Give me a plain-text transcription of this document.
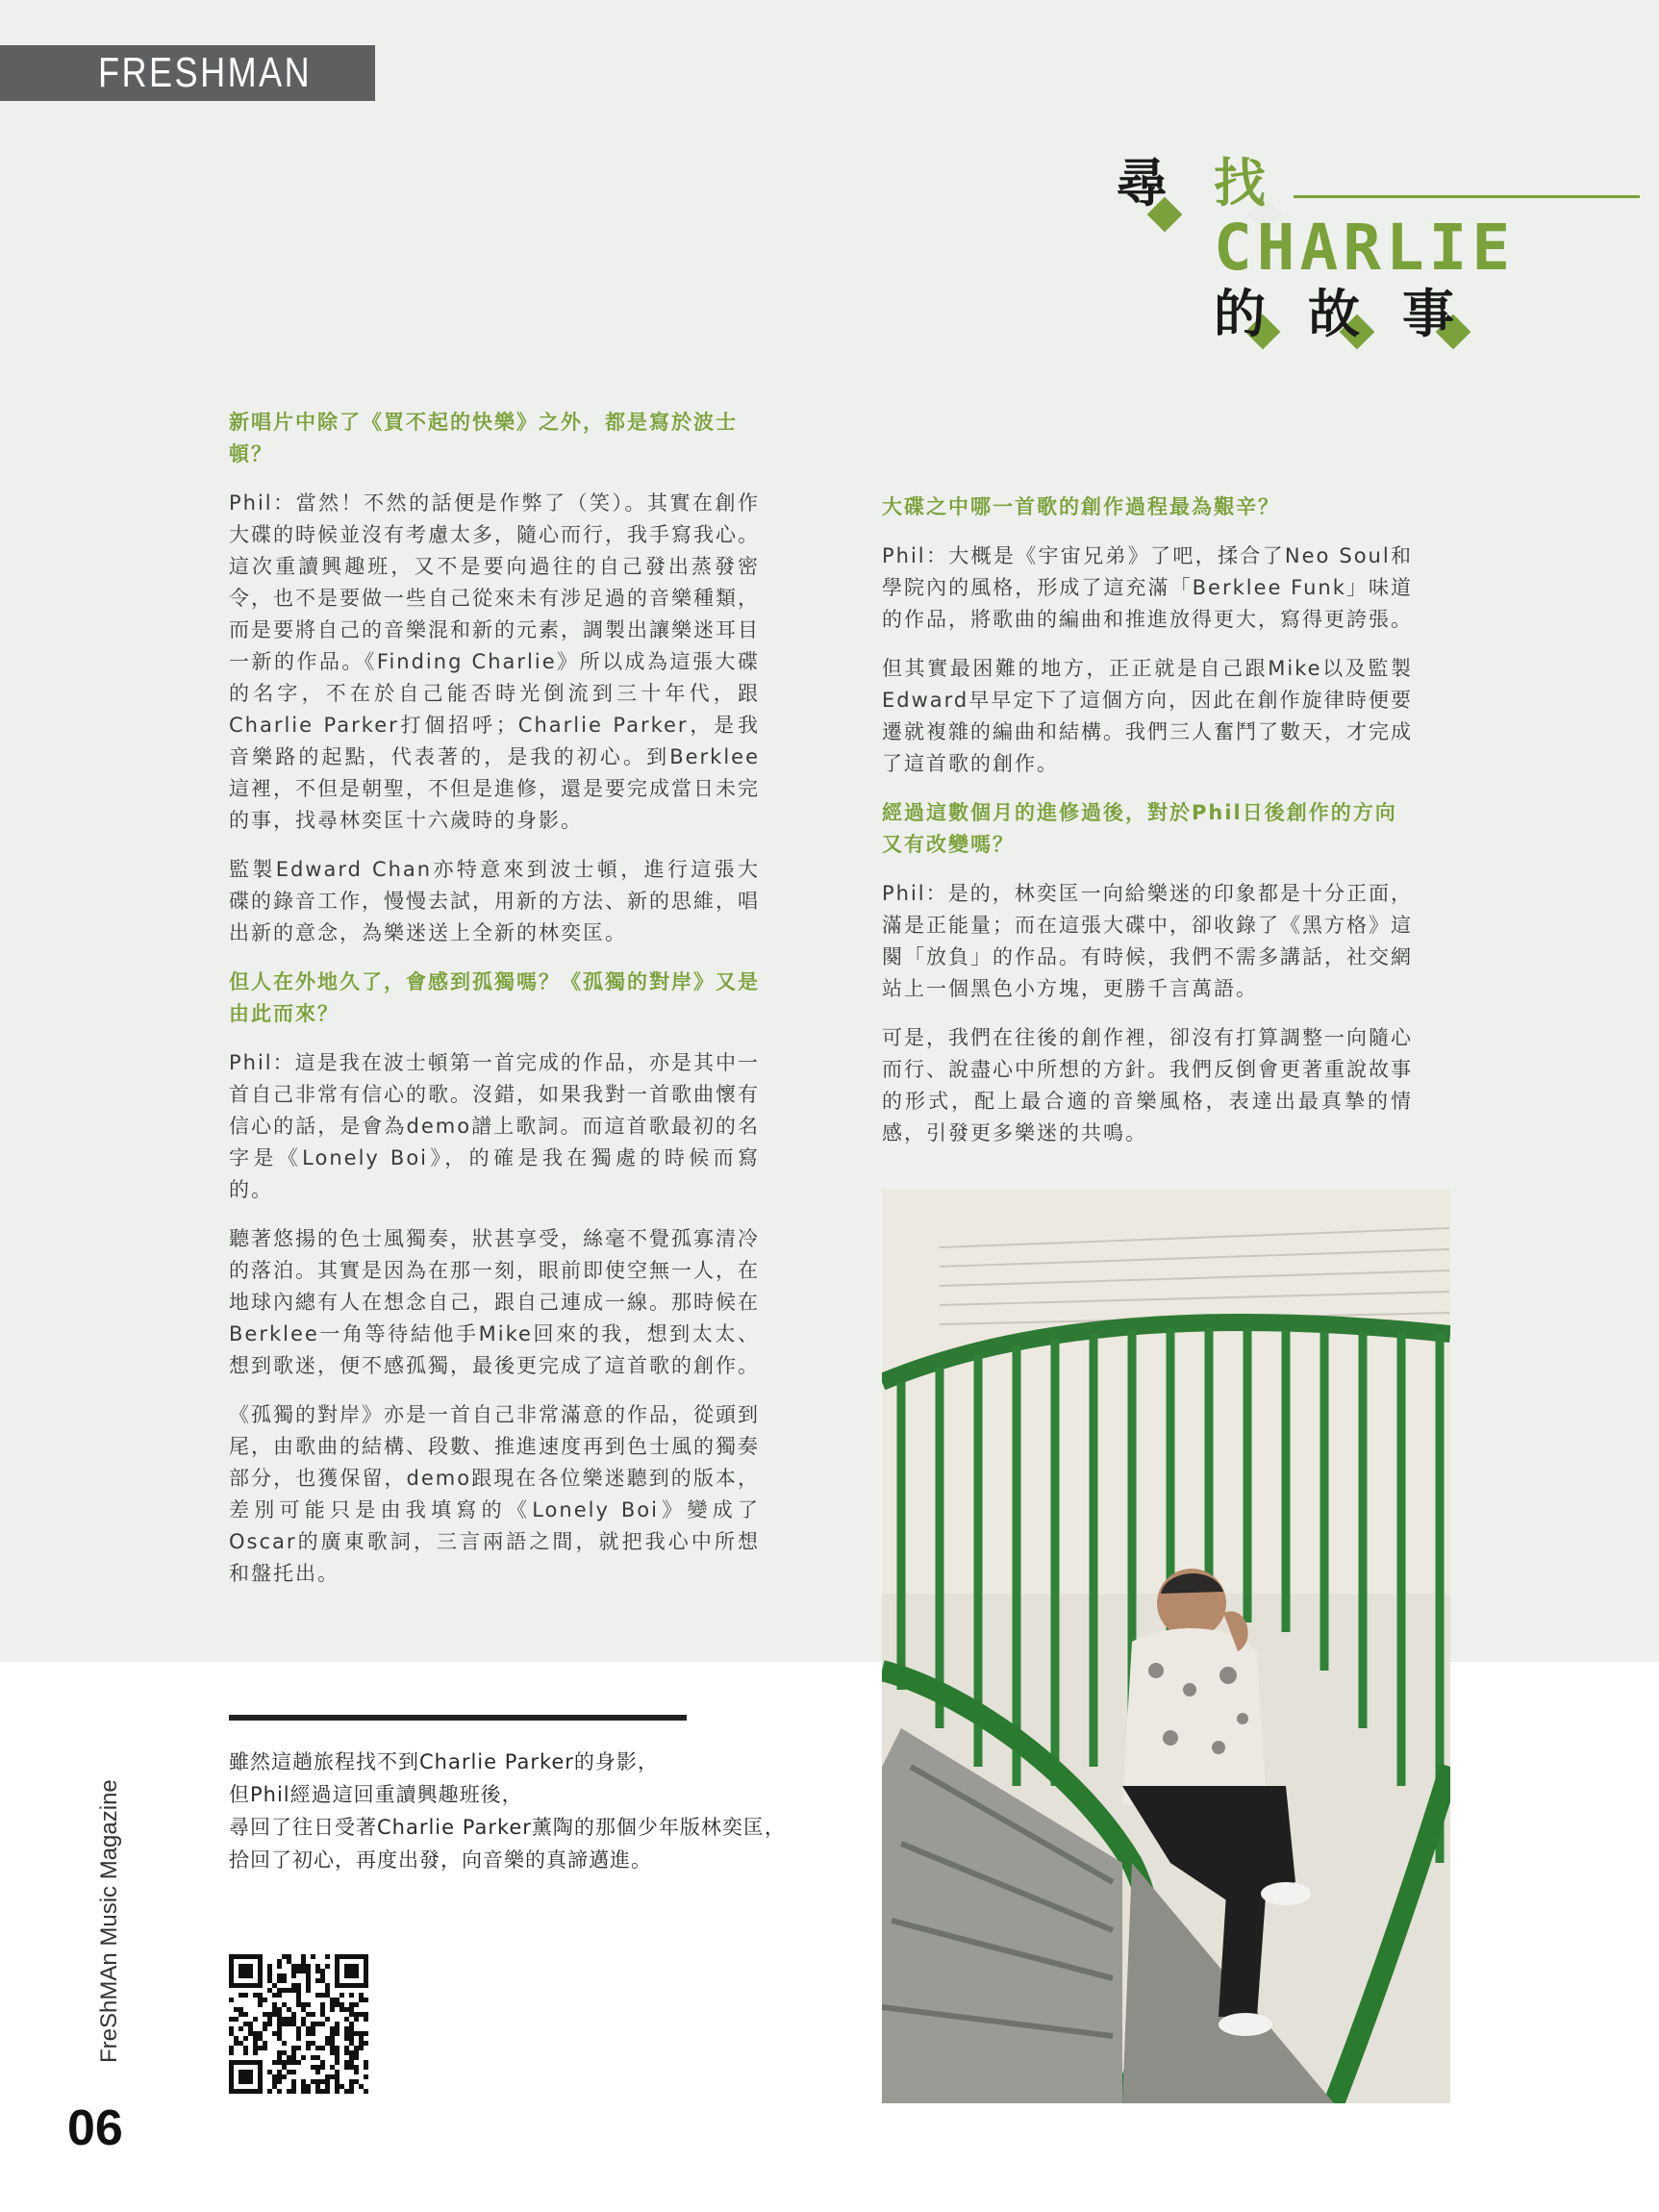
FRESHMAN
尋 找
CHARLIE
的 故 事

新唱片中除了《買不起的快樂》之外，都是寫於波士頓？

Phil：當然！不然的話便是作弊了（笑）。其實在創作大碟的時候並沒有考慮太多，隨心而行，我手寫我心。這次重讀興趣班，又不是要向過往的自己發出蒸發密令，也不是要做一些自己從來未有涉足過的音樂種類，而是要將自己的音樂混和新的元素，調製出讓樂迷耳目一新的作品。《Finding Charlie》所以成為這張大碟的名字，不在於自己能否時光倒流到三十年代，跟Charlie Parker打個招呼；Charlie Parker，是我音樂路的起點，代表著的，是我的初心。到Berklee這裡，不但是朝聖，不但是進修，還是要完成當日未完的事，找尋林奕匡十六歲時的身影。

監製Edward Chan亦特意來到波士頓，進行這張大碟的錄音工作，慢慢去試，用新的方法、新的思維，唱出新的意念，為樂迷送上全新的林奕匡。

但人在外地久了，會感到孤獨嗎？《孤獨的對岸》又是由此而來？

Phil：這是我在波士頓第一首完成的作品，亦是其中一首自己非常有信心的歌。沒錯，如果我對一首歌曲懷有信心的話，是會為demo譜上歌詞。而這首歌最初的名字是《Lonely Boi》，的確是我在獨處的時候而寫的。

聽著悠揚的色士風獨奏，狀甚享受，絲毫不覺孤寡清冷的落泊。其實是因為在那一刻，眼前即使空無一人，在地球內總有人在想念自己，跟自己連成一線。那時候在Berklee一角等待結他手Mike回來的我，想到太太、想到歌迷，便不感孤獨，最後更完成了這首歌的創作。

《孤獨的對岸》亦是一首自己非常滿意的作品，從頭到尾，由歌曲的結構、段數、推進速度再到色士風的獨奏部分，也獲保留，demo跟現在各位樂迷聽到的版本，差別可能只是由我填寫的《Lonely Boi》變成了Oscar的廣東歌詞，三言兩語之間，就把我心中所想和盤托出。

大碟之中哪一首歌的創作過程最為艱辛？

Phil：大概是《宇宙兄弟》了吧，揉合了Neo Soul和學院內的風格，形成了這充滿「Berklee Funk」味道的作品，將歌曲的編曲和推進放得更大，寫得更誇張。

但其實最困難的地方，正正就是自己跟Mike以及監製Edward早早定下了這個方向，因此在創作旋律時便要遷就複雜的編曲和結構。我們三人奮鬥了數天，才完成了這首歌的創作。

經過這數個月的進修過後，對於Phil日後創作的方向又有改變嗎？

Phil：是的，林奕匡一向給樂迷的印象都是十分正面，滿是正能量；而在這張大碟中，卻收錄了《黑方格》這闋「放負」的作品。有時候，我們不需多講話，社交網站上一個黑色小方塊，更勝千言萬語。

可是，我們在往後的創作裡，卻沒有打算調整一向隨心而行、說盡心中所想的方針。我們反倒會更著重說故事的形式，配上最合適的音樂風格，表達出最真摯的情感，引發更多樂迷的共鳴。

雖然這趟旅程找不到Charlie Parker的身影，
但Phil經過這回重讀興趣班後，
尋回了往日受著Charlie Parker薰陶的那個少年版林奕匡，
拾回了初心，再度出發，向音樂的真諦邁進。
FreShMAn Music Magazine
06
